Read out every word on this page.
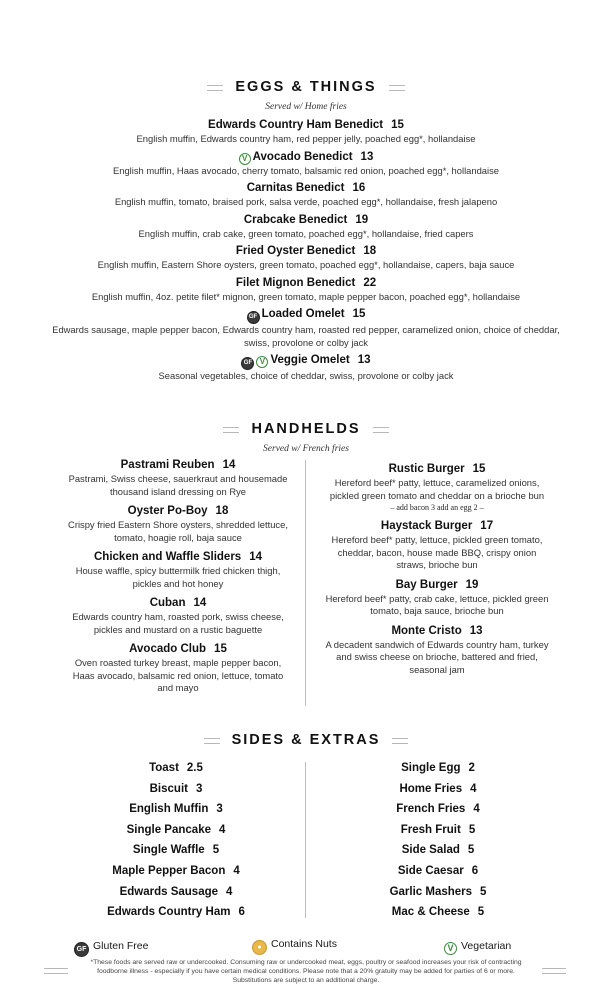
EGGS & THINGS
Served w/ Home fries
Edwards Country Ham Benedict 15
English muffin, Edwards country ham, red pepper jelly, poached egg*, hollandaise
V Avocado Benedict 13
English muffin, Haas avocado, cherry tomato, balsamic red onion, poached egg*, hollandaise
Carnitas Benedict 16
English muffin, tomato, braised pork, salsa verde, poached egg*, hollandaise, fresh jalapeno
Crabcake Benedict 19
English muffin, crab cake, green tomato, poached egg*, hollandaise, fried capers
Fried Oyster Benedict 18
English muffin, Eastern Shore oysters, green tomato, poached egg*, hollandaise, capers, baja sauce
Filet Mignon Benedict 22
English muffin, 4oz. petite filet* mignon, green tomato, maple pepper bacon, poached egg*, hollandaise
GF Loaded Omelet 15
Edwards sausage, maple pepper bacon, Edwards country ham, roasted red pepper, caramelized onion, choice of cheddar, swiss, provolone or colby jack
GF V Veggie Omelet 13
Seasonal vegetables, choice of cheddar, swiss, provolone or colby jack
HANDHELDS
Served w/ French fries
Pastrami Reuben 14
Pastrami, Swiss cheese, sauerkraut and housemade thousand island dressing on Rye
Oyster Po-Boy 18
Crispy fried Eastern Shore oysters, shredded lettuce, tomato, hoagie roll, baja sauce
Chicken and Waffle Sliders 14
House waffle, spicy buttermilk fried chicken thigh, pickles and hot honey
Cuban 14
Edwards country ham, roasted pork, swiss cheese, pickles and mustard on a rustic baguette
Avocado Club 15
Oven roasted turkey breast, maple pepper bacon, Haas avocado, balsamic red onion, lettuce, tomato and mayo
Rustic Burger 15
Hereford beef* patty, lettuce, caramelized onions, pickled green tomato and cheddar on a brioche bun
– add bacon 3 add an egg 2 –
Haystack Burger 17
Hereford beef* patty, lettuce, pickled green tomato, cheddar, bacon, house made BBQ, crispy onion straws, brioche bun
Bay Burger 19
Hereford beef* patty, crab cake, lettuce, pickled green tomato, baja sauce, brioche bun
Monte Cristo 13
A decadent sandwich of Edwards country ham, turkey and swiss cheese on brioche, battered and fried, seasonal jam
SIDES & EXTRAS
Toast 2.5
Biscuit 3
English Muffin 3
Single Pancake 4
Single Waffle 5
Maple Pepper Bacon 4
Edwards Sausage 4
Edwards Country Ham 6
Single Egg 2
Home Fries 4
French Fries 4
Fresh Fruit 5
Side Salad 5
Side Caesar 6
Garlic Mashers 5
Mac & Cheese 5
GF Gluten Free	● Contains Nuts	V Vegetarian
*These foods are served raw or undercooked. Consuming raw or undercooked meat, eggs, poultry or seafood increases your risk of contracting
foodborne illness - especially if you have certain medical conditions. Please note that a 20% gratuity may be added for parties of 6 or more.
Substitutions are subject to an additional charge.
